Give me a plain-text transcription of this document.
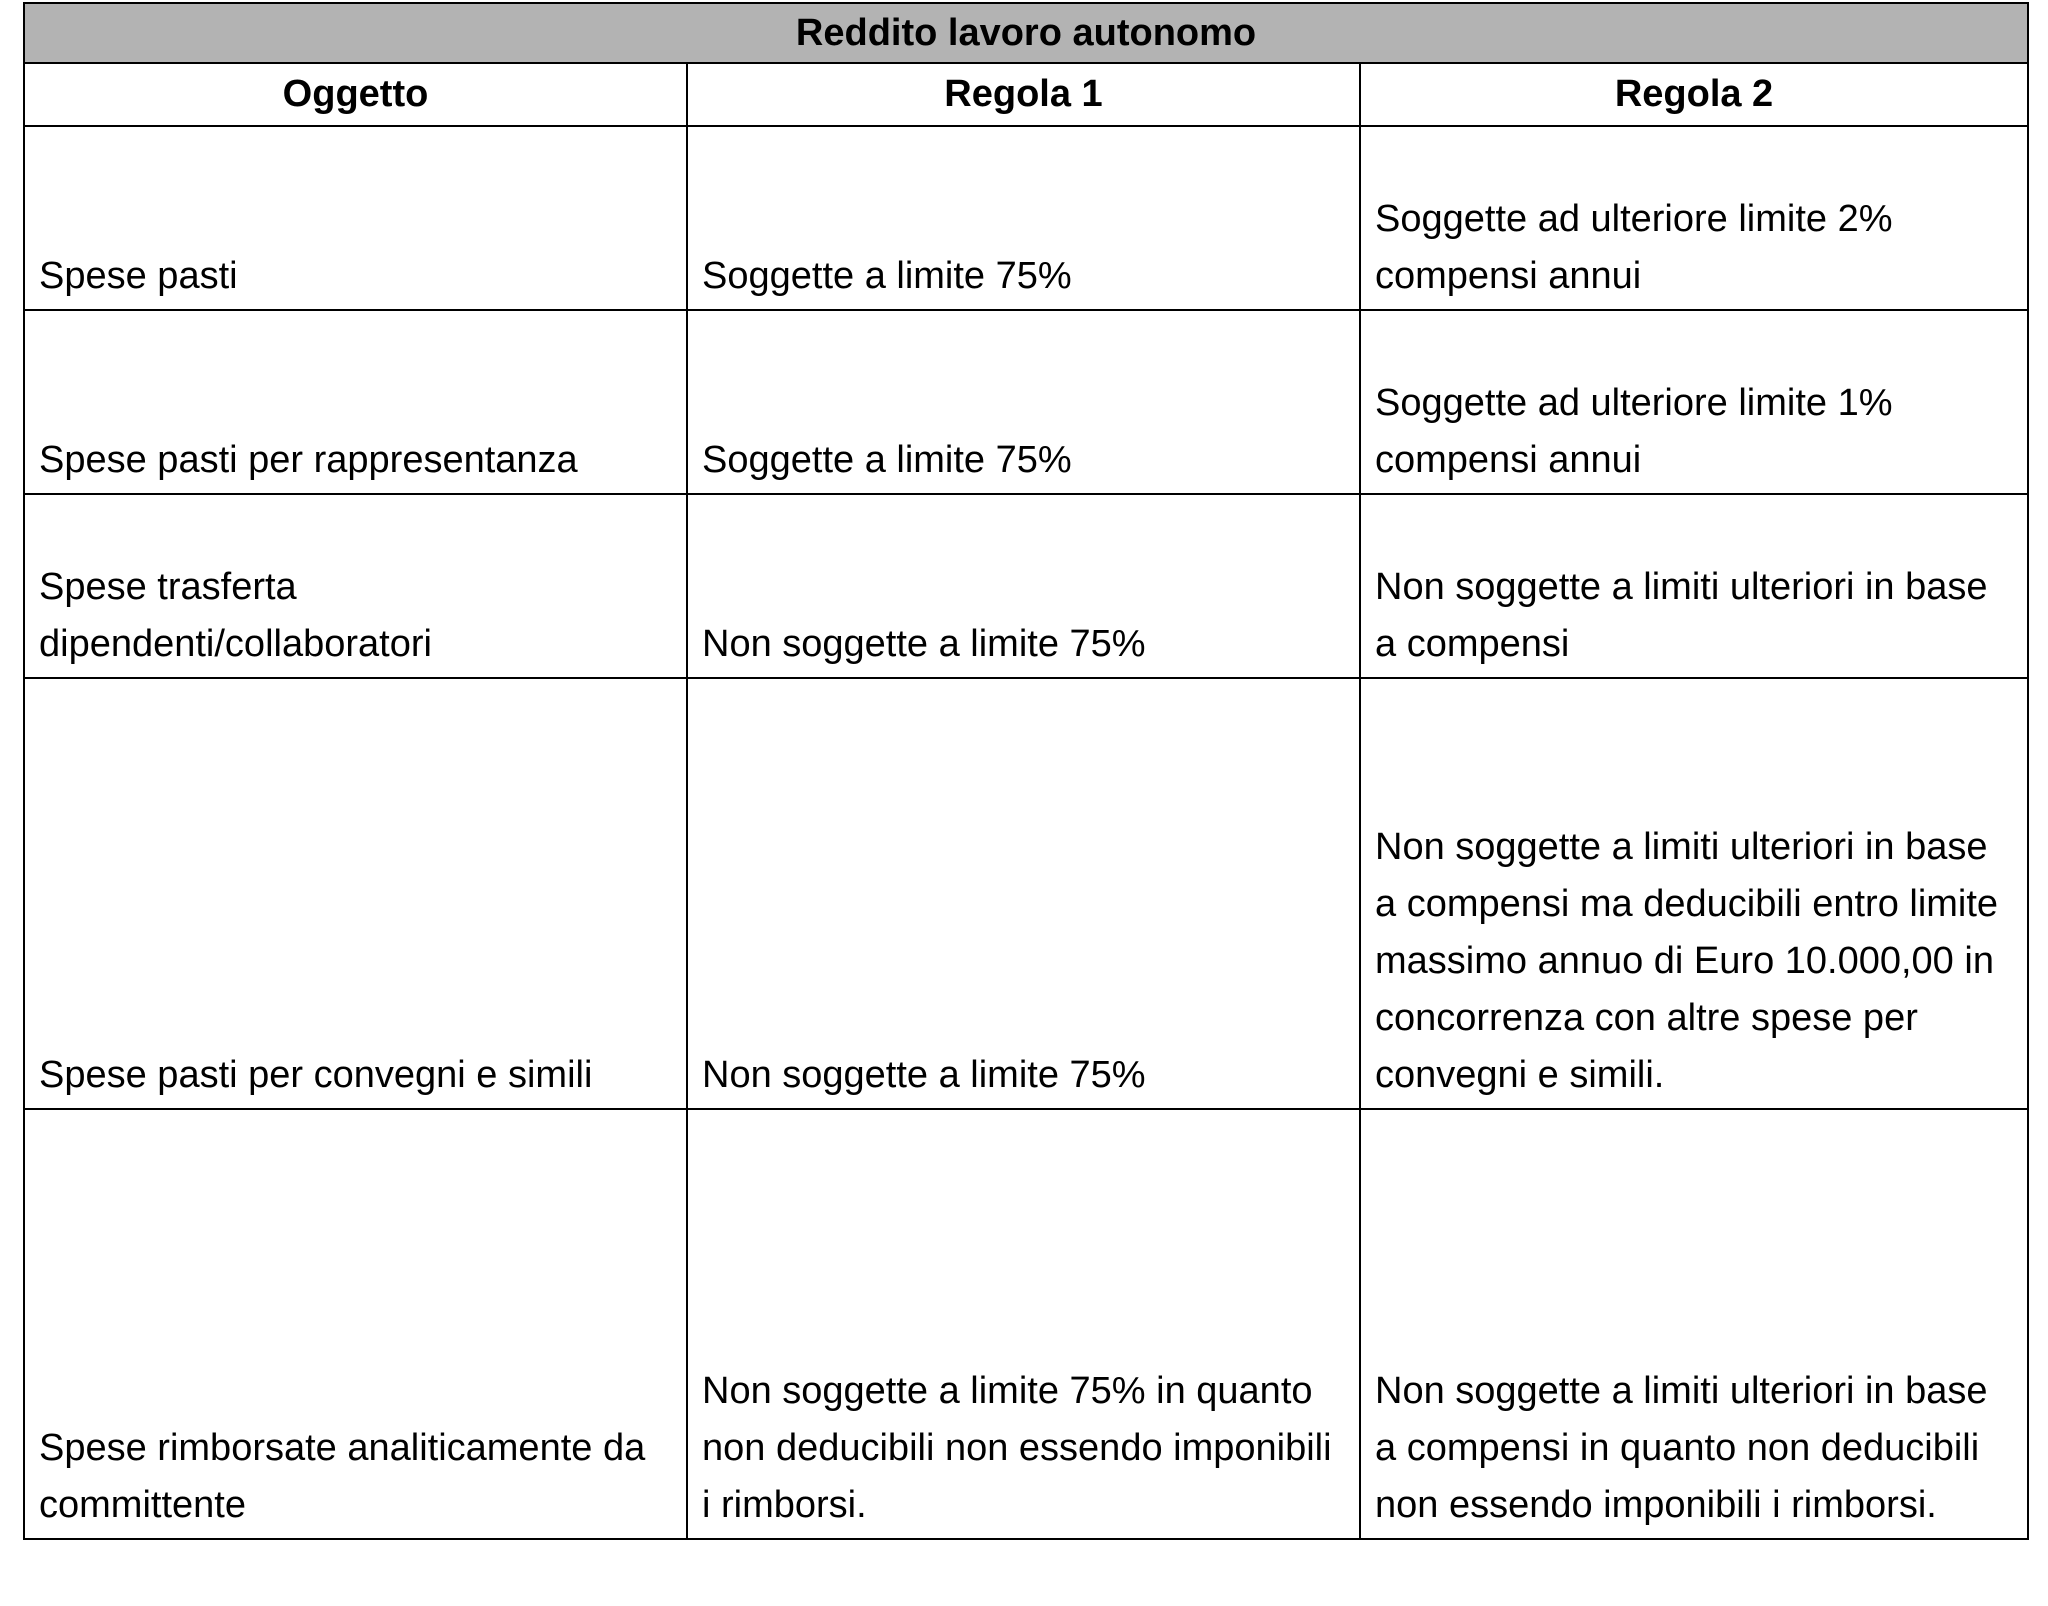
Reddito lavoro autonomo		
Oggetto	Regola 1	Regola 2
Spese pasti	Soggette a limite 75%	Soggette ad ulteriore limite 2% compensi annui
Spese pasti per rappresentanza	Soggette a limite 75%	Soggette ad ulteriore limite 1% compensi annui
Spese trasferta dipendenti/collaboratori	Non soggette a limite 75%	Non soggette a limiti ulteriori in base a compensi
Spese pasti per convegni e simili	Non soggette a limite 75%	Non soggette a limiti ulteriori in base a compensi ma deducibili entro limite massimo annuo di Euro 10.000,00 in concorrenza con altre spese per convegni e simili.
Spese rimborsate analiticamente da committente	Non soggette a limite 75% in quanto non deducibili non essendo imponibili i rimborsi.	Non soggette a limiti ulteriori in base a compensi in quanto non deducibili non essendo imponibili i rimborsi.
